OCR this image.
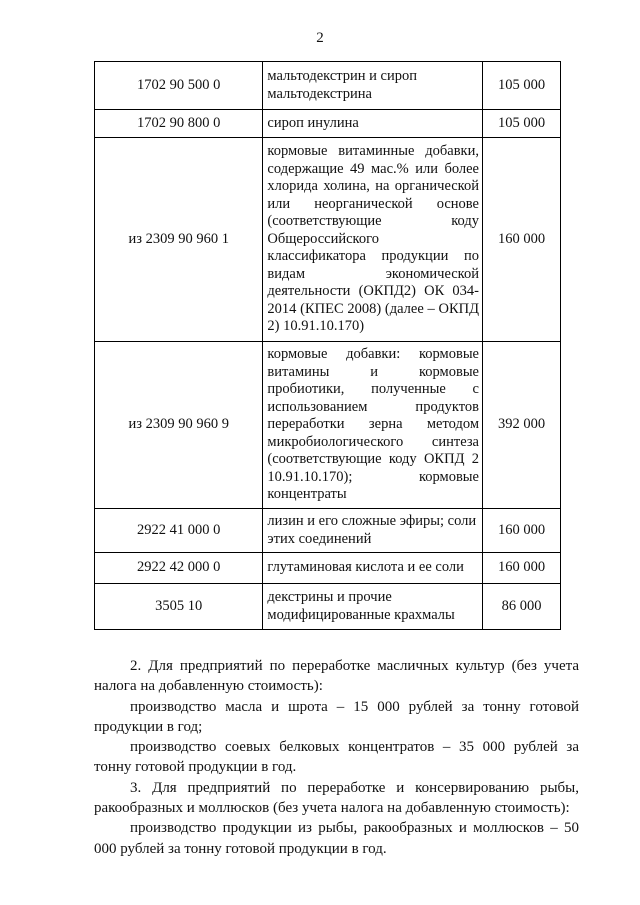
2
1702 90 500 0	мальтодекстрин и сироп мальтодекстрина	105 000
1702 90 800 0	сироп инулина	105 000
из 2309 90 960 1	кормовые витаминные добавки, содержащие 49 мас.% или более хлорида холина, на органической или неорганической основе (соответствующие коду Общероссийского классификатора продукции по видам экономической деятельности (ОКПД2) ОК 034-2014 (КПЕС 2008) (далее – ОКПД 2) 10.91.10.170)	160 000
из 2309 90 960 9	кормовые добавки: кормовые витамины и кормовые пробиотики, полученные с использованием продуктов переработки зерна методом микробиологического синтеза (соответствующие коду ОКПД 2 10.91.10.170); кормовые концентраты	392 000
2922 41 000 0	лизин и его сложные эфиры; соли этих соединений	160 000
2922 42 000 0	глутаминовая кислота и ее соли	160 000
3505 10	декстрины и прочие модифицированные крахмалы	86 000

2. Для предприятий по переработке масличных культур (без учета налога на добавленную стоимость):

производство масла и шрота – 15 000 рублей за тонну готовой продукции в год;

производство соевых белковых концентратов – 35 000 рублей за тонну готовой продукции в год.

3. Для предприятий по переработке и консервированию рыбы, ракообразных и моллюсков (без учета налога на добавленную стоимость):

производство продукции из рыбы, ракообразных и моллюсков – 50 000 рублей за тонну готовой продукции в год.
